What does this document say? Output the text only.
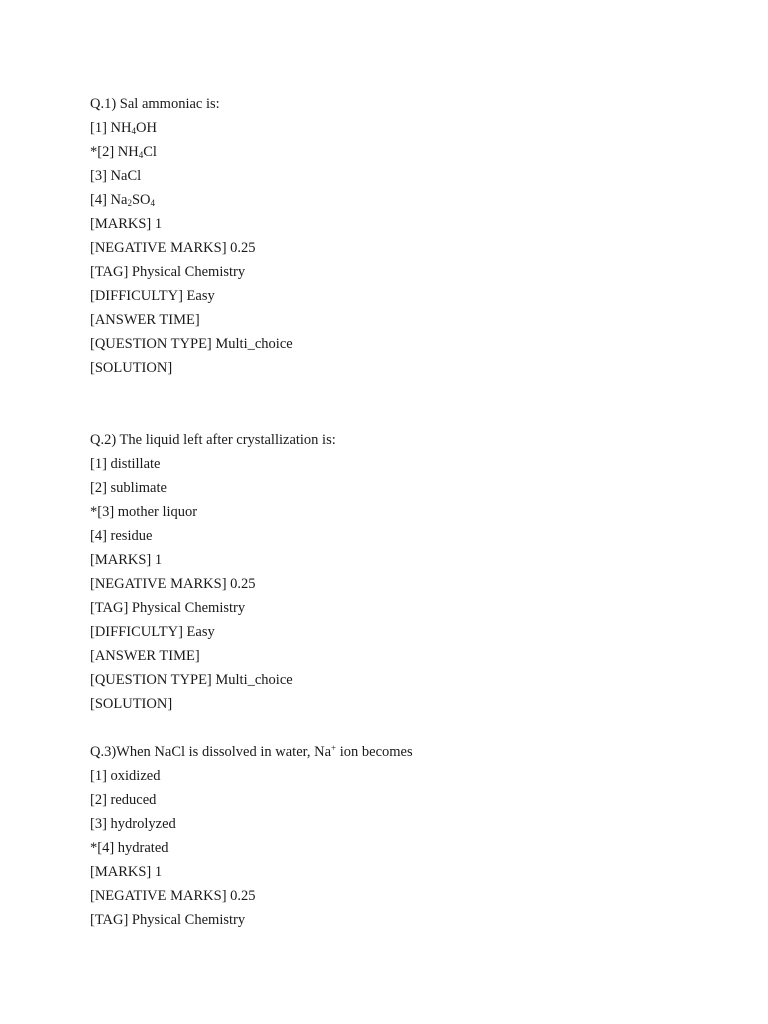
Q.1) Sal ammoniac is:
[1] $NH_4OH$
*[2] $NH_4Cl$
[3] NaCl
[4] $Na_2SO_4$
[MARKS] 1
[NEGATIVE MARKS] 0.25
[TAG] Physical Chemistry
[DIFFICULTY] Easy
[ANSWER TIME]
[QUESTION TYPE] Multi_choice
[SOLUTION]
Q.2) The liquid left after crystallization is:
[1] distillate
[2] sublimate
*[3] mother liquor
[4] residue
[MARKS] 1
[NEGATIVE MARKS] 0.25
[TAG] Physical Chemistry
[DIFFICULTY] Easy
[ANSWER TIME]
[QUESTION TYPE] Multi_choice
[SOLUTION]
Q.3)When NaCl is dissolved in water, Na+ ion becomes
[1] oxidized
[2] reduced
[3] hydrolyzed
*[4] hydrated
[MARKS] 1
[NEGATIVE MARKS] 0.25
[TAG] Physical Chemistry
